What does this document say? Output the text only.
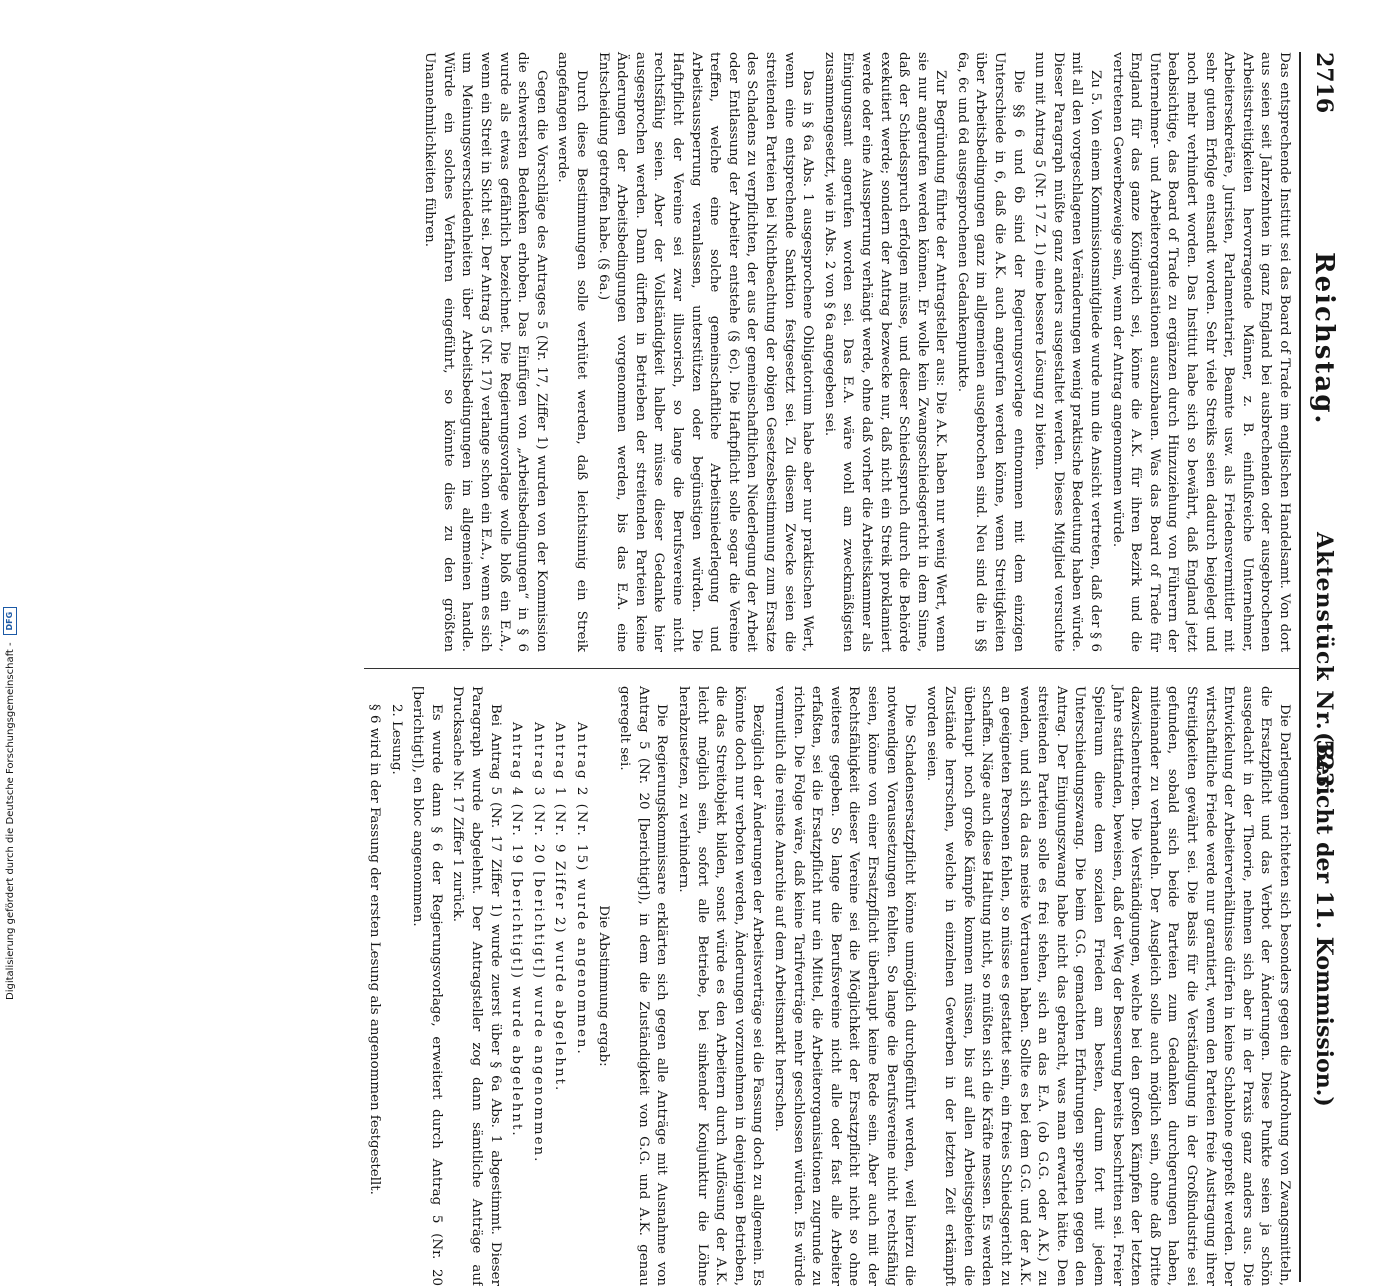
2716
Reichstag.
Aktenstück Nr. 523.
(Bericht der 11. Kommission.)

Das entsprechende Institut sei das Board of Trade im englischen Handelsamt. Von dort aus seien seit Jahrzehnten in ganz England bei ausbrechenden oder ausgebrochenen Arbeitsstreitigkeiten hervorragende Männer, z. B. einflußreiche Unternehmer, Arbeitersekretäre, Juristen, Parlamentarier, Beamte usw. als Friedensvermittler mit sehr gutem Erfolge entsandt worden. Sehr viele Streiks seien dadurch beigelegt und noch mehr verhindert worden. Das Institut habe sich so bewährt, daß England jetzt beabsichtige, das Board of Trade zu ergänzen durch Hinzuziehung von Führern der Unternehmer- und Arbeiterorganisationen auszubauen. Was das Board of Trade für England für das ganze Königreich sei, könne die A.K. für ihren Bezirk und die vertretenen Gewerbezweige sein, wenn der Antrag angenommen würde.

Zu 5. Von einem Kommissionsmitgliede wurde nun die Ansicht vertreten, daß der § 6 mit all den vorgeschlagenen Veränderungen wenig praktische Bedeutung haben würde. Dieser Paragraph müßte ganz anders ausgestaltet werden. Dieses Mitglied versuchte nun mit Antrag 5 (Nr. 17 Z. 1) eine bessere Lösung zu bieten.

Die §§ 6 und 6b sind der Regierungsvorlage entnommen mit dem einzigen Unterschiede in 6, daß die A.K. auch angerufen werden könne, wenn Streitigkeiten über Arbeitsbedingungen ganz im allgemeinen ausgebrochen sind. Neu sind die in §§ 6a, 6c und 6d ausgesprochenen Gedankenpunkte.

Zur Begründung führte der Antragsteller aus: Die A.K. haben nur wenig Wert, wenn sie nur angerufen werden können. Er wolle kein Zwangsschiedsgericht in dem Sinne, daß der Schiedsspruch erfolgen müsse, und dieser Schiedsspruch durch die Behörde exekutiert werde; sondern der Antrag bezwecke nur, daß nicht ein Streik proklamiert werde oder eine Aussperrung verhängt werde, ohne daß vorher die Arbeitskammer als Einigungsamt angerufen worden sei. Das E.A. wäre wohl am zweckmäßigsten zusammengesetzt, wie in Abs. 2 von § 6a angegeben sei.

Das in § 6a Abs. 1 ausgesprochene Obligatorium habe aber nur praktischen Wert, wenn eine entsprechende Sanktion festgesetzt sei. Zu diesem Zwecke seien die streitenden Parteien bei Nichtbeachtung der obigen Gesetzesbestimmung zum Ersatze des Schadens zu verpflichten, der aus der gemeinschaftlichen Niederlegung der Arbeit oder Entlassung der Arbeiter entstehe (§ 6c). Die Haftpflicht solle sogar die Vereine treffen, welche eine solche gemeinschaftliche Arbeitsniederlegung und Arbeitsaussperrung veranlassen, unterstützen oder begünstigen würden. Die Haftpflicht der Vereine sei zwar illusorisch, so lange die Berufsvereine nicht rechtsfähig seien. Aber der Vollständigkeit halber müsse dieser Gedanke hier ausgesprochen werden. Dann dürften in Betrieben der streitenden Parteien keine Änderungen der Arbeitsbedingungen vorgenommen werden, bis das E.A. eine Entscheidung getroffen habe. (§ 6a.)

Durch diese Bestimmungen solle verhütet werden, daß leichtsinnig ein Streik angefangen werde.

Gegen die Vorschläge des Antrages 5 (Nr. 17, Ziffer 1) wurden von der Kommission die schwersten Bedenken erhoben. Das Einfügen von „Arbeitsbedingungen“ in § 6 wurde als etwas gefährlich bezeichnet. Die Regierungsvorlage wolle bloß ein E.A., wenn ein Streit in Sicht sei. Der Antrag 5 (Nr. 17) verlange schon ein E.A., wenn es sich um Meinungsverschiedenheiten über Arbeitsbedingungen im allgemeinen handle. Würde ein solches Verfahren eingeführt, so könnte dies zu den größten Unannehmlichkeiten führen.

Die Darlegungen richteten sich besonders gegen die Androhung von Zwangsmitteln, die Ersatzpflicht und das Verbot der Änderungen. Diese Punkte seien ja schön ausgedacht in der Theorie, nehmen sich aber in der Praxis ganz anders aus. Die Entwickelung der Arbeiterverhältnisse dürfen in keine Schablone gepreßt werden. Der wirtschaftliche Friede werde nur garantiert, wenn den Parteien freie Austragung ihrer Streitigkeiten gewährt sei. Die Basis für die Verständigung in der Großindustrie sei gefunden, sobald sich beide Parteien zum Gedanken durchgerungen haben, miteinander zu verhandeln. Der Ausgleich solle auch möglich sein, ohne daß Dritte dazwischentreten. Die Verständigungen, welche bei den großen Kämpfen der letzten Jahre stattfanden, beweisen, daß der Weg der Besserung bereits beschritten sei. Freier Spielraum diene dem sozialen Frieden am besten, darum fort mit jedem Unterschiedungszwang. Die beim G.G. gemachten Erfahrungen sprechen gegen den Antrag. Der Einigungszwang habe nicht das gebracht, was man erwartet hätte. Den streitenden Parteien solle es frei stehen, sich an das E.A. (ob G.G. oder A.K.) zu wenden, und sich da das meiste Vertrauen haben. Sollte es bei dem G.G. und der A.K. an geeigneten Personen fehlen, so müsse es gestattet sein, ein freies Schiedsgericht zu schaffen. Näge auch diese Haltung nicht, so müßten sich die Kräfte messen. Es werden überhaupt noch große Kämpfe kommen müssen, bis auf allen Arbeitsgebieten die Zustände herrschen, welche in einzelnen Gewerben in der letzten Zeit erkämpft worden seien.

Die Schadensersatzpflicht könne unmöglich durchgeführt werden, weil hierzu die notwendigen Voraussetzungen fehlten. So lange die Berufsvereine nicht rechtsfähig seien, könne von einer Ersatzpflicht überhaupt keine Rede sein. Aber auch mit der Rechtsfähigkeit dieser Vereine sei die Möglichkeit der Ersatzpflicht nicht so ohne weiteres gegeben. So lange die Berufsvereine nicht alle oder fast alle Arbeiter erfaßten, sei die Ersatzpflicht nur ein Mittel, die Arbeiterorganisationen zugrunde zu richten. Die Folge wäre, daß keine Tarifverträge mehr geschlossen würden. Es würde vermutlich die reinste Anarchie auf dem Arbeitsmarkt herrschen.

Bezüglich der Änderungen der Arbeitsverträge sei die Fassung doch zu allgemein. Es könnte doch nur verboten werden, Änderungen vorzunehmen in denjenigen Betrieben, die das Streitobjekt bilden, sonst würde es den Arbeitern durch Auflösung der A.K. leicht möglich sein, sofort alle Betriebe, bei sinkender Konjunktur die Löhne herabzusetzen, zu verhindern.

Die Regierungskommissare erklärten sich gegen alle Anträge mit Ausnahme von Antrag 5 (Nr. 20 [berichtigt]), in dem die Zuständigkeit von G.G. und A.K. genau geregelt sei.

Die Abstimmung ergab:

Antrag 2 (Nr. 15) wurde angenommen.

Antrag 1 (Nr. 9 Ziffer 2) wurde abgelehnt.

Antrag 3 (Nr. 20 [berichtigt]) wurde angenommen.

Antrag 4 (Nr. 19 [berichtigt]) wurde abgelehnt.

Bei Antrag 5 (Nr. 17 Ziffer 1) wurde zuerst über § 6a Abs. 1 abgestimmt. Dieser Paragraph wurde abgelehnt. Der Antragsteller zog dann sämtliche Anträge auf Drucksache Nr. 17 Ziffer 1 zurück.

Es wurde dann § 6 der Regierungsvorlage, erweitert durch Antrag 5 (Nr. 20 [berichtigt]), en bloc angenommen.

2. Lesung.

§ 6 wird in der Fassung der ersten Lesung als angenommen festgestellt.

Digitalisierung gefördert durch die Deutsche Forschungsgemeinschaft - DFG
